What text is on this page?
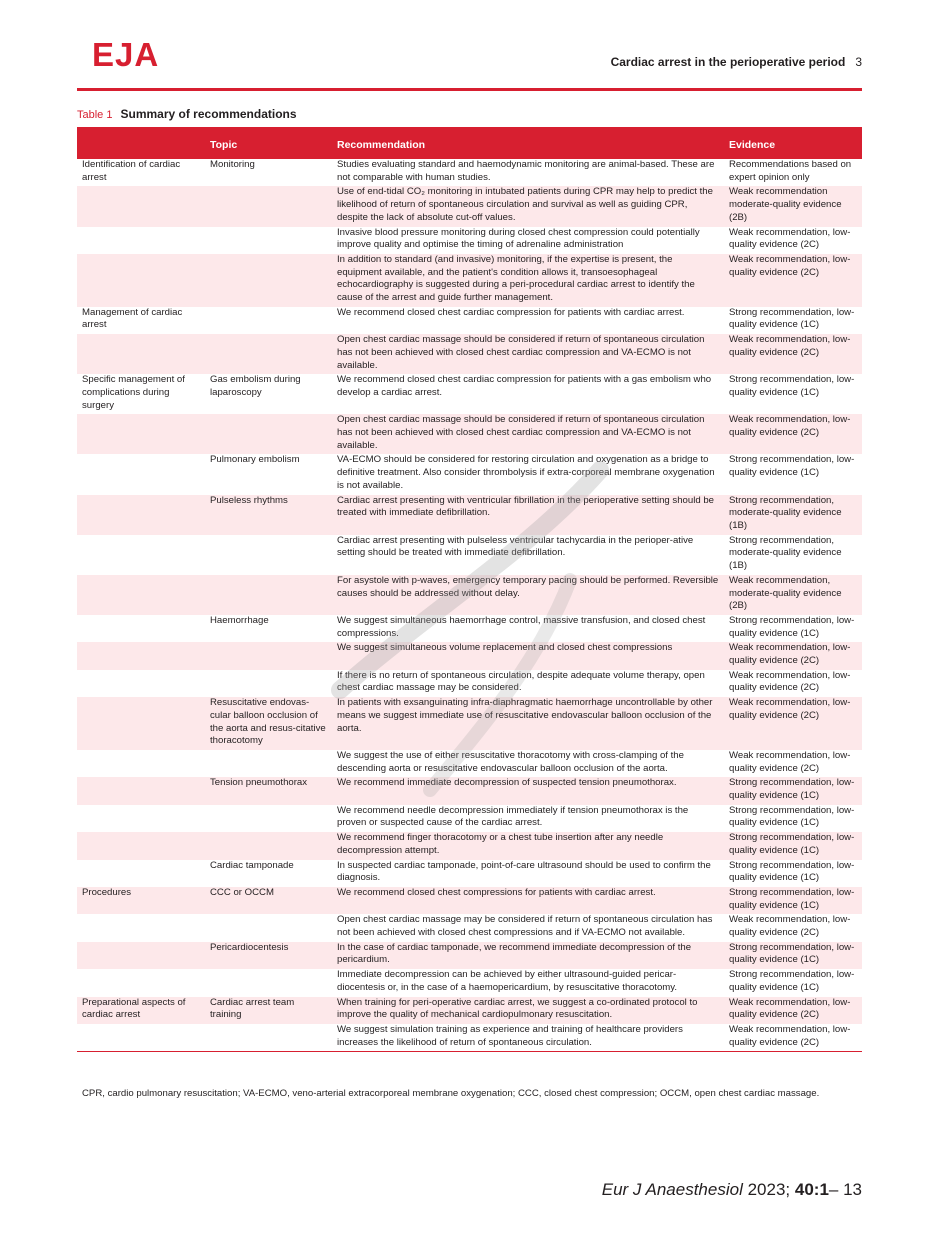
EJA	Cardiac arrest in the perioperative period 3
Table 1 Summary of recommendations
	Topic	Recommendation	Evidence
Identification of cardiac arrest	Monitoring	Studies evaluating standard and haemodynamic monitoring are animal-based. These are not comparable with human studies.	Recommendations based on expert opinion only
		Use of end-tidal CO₂ monitoring in intubated patients during CPR may help to predict the likelihood of return of spontaneous circulation and survival as well as guiding CPR, despite the lack of absolute cut-off values.	Weak recommendation moderate-quality evidence (2B)
		Invasive blood pressure monitoring during closed chest compression could potentially improve quality and optimise the timing of adrenaline administration	Weak recommendation, low-quality evidence (2C)
		In addition to standard (and invasive) monitoring, if the expertise is present, the equipment available, and the patient's condition allows it, transoesophageal echocardiography is suggested during a peri-procedural cardiac arrest to identify the cause of the arrest and guide further management.	Weak recommendation, low-quality evidence (2C)
Management of cardiac arrest		We recommend closed chest cardiac compression for patients with cardiac arrest.	Strong recommendation, low-quality evidence (1C)
		Open chest cardiac massage should be considered if return of spontaneous circulation has not been achieved with closed chest cardiac compression and VA-ECMO is not available.	Weak recommendation, low-quality evidence (2C)
Specific management of complications during surgery	Gas embolism during laparoscopy	We recommend closed chest cardiac compression for patients with a gas embolism who develop a cardiac arrest.	Strong recommendation, low-quality evidence (1C)
		Open chest cardiac massage should be considered if return of spontaneous circulation has not been achieved with closed chest cardiac compression and VA-ECMO is not available.	Weak recommendation, low-quality evidence (2C)
	Pulmonary embolism	VA-ECMO should be considered for restoring circulation and oxygenation as a bridge to definitive treatment. Also consider thrombolysis if extra-corporeal membrane oxygenation is not available.	Strong recommendation, low-quality evidence (1C)
	Pulseless rhythms	Cardiac arrest presenting with ventricular fibrillation in the perioperative setting should be treated with immediate defibrillation.	Strong recommendation, moderate-quality evidence (1B)
		Cardiac arrest presenting with pulseless ventricular tachycardia in the perioper-ative setting should be treated with immediate defibrillation.	Strong recommendation, moderate-quality evidence (1B)
		For asystole with p-waves, emergency temporary pacing should be performed. Reversible causes should be addressed without delay.	Weak recommendation, moderate-quality evidence (2B)
	Haemorrhage	We suggest simultaneous haemorrhage control, massive transfusion, and closed chest compressions.	Strong recommendation, low-quality evidence (1C)
		We suggest simultaneous volume replacement and closed chest compressions	Weak recommendation, low-quality evidence (2C)
		If there is no return of spontaneous circulation, despite adequate volume therapy, open chest cardiac massage may be considered.	Weak recommendation, low-quality evidence (2C)
	Resuscitative endovas-cular balloon occlusion of the aorta and resus-citative thoracotomy	In patients with exsanguinating infra-diaphragmatic haemorrhage uncontrollable by other means we suggest immediate use of resuscitative endovascular balloon occlusion of the aorta.	Weak recommendation, low-quality evidence (2C)
		We suggest the use of either resuscitative thoracotomy with cross-clamping of the descending aorta or resuscitative endovascular balloon occlusion of the aorta.	Weak recommendation, low-quality evidence (2C)
	Tension pneumothorax	We recommend immediate decompression of suspected tension pneumothorax.	Strong recommendation, low-quality evidence (1C)
		We recommend needle decompression immediately if tension pneumothorax is the proven or suspected cause of the cardiac arrest.	Strong recommendation, low-quality evidence (1C)
		We recommend finger thoracotomy or a chest tube insertion after any needle decompression attempt.	Strong recommendation, low-quality evidence (1C)
	Cardiac tamponade	In suspected cardiac tamponade, point-of-care ultrasound should be used to confirm the diagnosis.	Strong recommendation, low-quality evidence (1C)
Procedures	CCC or OCCM	We recommend closed chest compressions for patients with cardiac arrest.	Strong recommendation, low-quality evidence (1C)
		Open chest cardiac massage may be considered if return of spontaneous circulation has not been achieved with closed chest compressions and if VA-ECMO not available.	Weak recommendation, low-quality evidence (2C)
	Pericardiocentesis	In the case of cardiac tamponade, we recommend immediate decompression of the pericardium.	Strong recommendation, low-quality evidence (1C)
		Immediate decompression can be achieved by either ultrasound-guided pericar-diocentesis or, in the case of a haemopericardium, by resuscitative thoracotomy.	Strong recommendation, low-quality evidence (1C)
Preparational aspects of cardiac arrest	Cardiac arrest team training	When training for peri-operative cardiac arrest, we suggest a co-ordinated protocol to improve the quality of mechanical cardiopulmonary resuscitation.	Weak recommendation, low-quality evidence (2C)
		We suggest simulation training as experience and training of healthcare providers increases the likelihood of return of spontaneous circulation.	Weak recommendation, low-quality evidence (2C)
CPR, cardio pulmonary resuscitation; VA-ECMO, veno-arterial extracorporeal membrane oxygenation; CCC, closed chest compression; OCCM, open chest cardiac massage.
Eur J Anaesthesiol 2023; 40:1– 13
